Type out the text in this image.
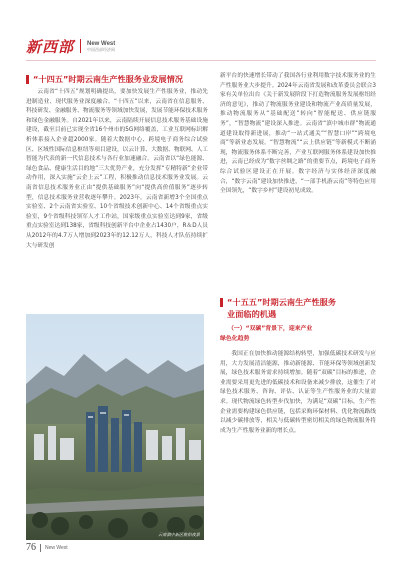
新西部 New West
中国西部经济网
“十四五”时期云南生产性服务业发展情况

云南省“十四五”规划明确提出，要加快发展生产性服务业，推动先进制造业、现代服务业深度融合。“十四五”以来，云南省在信息服务、科技研发、金融服务、物流服务等领域加快发展，发展节能环保技术服务和绿色金融服务。自2021年以来，云南陆续开展信息技术服务基础设施建设，截至目前已实现全省16个州市的5G网络覆盖，工业互联网标识解析体系接入企业超2000家。随着大数据中心、跨境电子商务综合试验区、区域性国际信息枢纽等项目建设，以云计算、大数据、物联网、人工智能为代表的新一代信息技术与各行业加速融合。云南省以“绿色能源、绿色食品、健康生活目的地”三大优势产业，充分发挥“专精特新”企业带动作用，深入实施“云企上云”工程，积极推动信息技术服务业发展。云南省信息技术服务业正由“提供基础服务”向“提供高价值服务”逐步转型，信息技术服务业营收逐年攀升。2023年，云南省新增3个全国重点实验室、2个云南省实验室、10个省级技术创新中心、14个省级重点实验室，9个省级科技领军人才工作站，国家级重点实验室达到9家，省级重点实验室达到138家，省级科技创新平台中企业占1430户，R＆D人员从2012年的4.7万人增加到2023年的12.12万人，科技人才队伍持续扩大与研发创

云南滇中新区航拍夜景

新平台的快速增长带动了我国各行业利用数字技术服务业的生产性服务业大步提升。2024年云南省发展和改革委员会联合3家有关单位出台《关于新发展阶段下打造物流服务发展枢纽经济的意见》，推动了物流服务业建设和物流产业高质量发展，推动物流服务从“基础配送”转向“智能配送、供应链服务”，“智慧物流”建设深入推进。云南省“滇中城市群”物流通道建设取得新进展，推动“一站式通关”“智慧口岸”“跨境电商”等新业态发展。“智慧物流”“云上供应链”等新模式不断涌现，物流服务体系不断完善，产业互联网服务体系建设加快推进，云南已经成为“数字丝绸之路”的重要节点，跨境电子商务综合试验区建设正在开展。数字经济与实体经济深度融合，“数字云南”建设加快推进，“一部手机游云南”等特色应用全国领先，“数字乡村”建设初见成效。

“十五五”时期云南生产性服务
业面临的机遇
（一）“双碳”背景下，迎来产业
绿色化趋势

我国正在加快推动能源结构转型，加强低碳技术研发与应用，大力发展清洁能源，推动新能源、节能环保等领域创新发展，绿色技术服务需求持续增加。随着“双碳”目标的推进，企业需要采用更先进的低碳技术和设备来减少排放，这催生了对绿色技术服务、咨询、评估、认证等生产性服务业的大量需求。现代物流绿色转型步伐加快，为满足“双碳”目标，生产性企业需要构建绿色供应链，包括采购环保材料、优化物流路线以减少碳排放等，相关与低碳转型密切相关的绿色物流服务将成为生产性服务业新的增长点。

76 New West
